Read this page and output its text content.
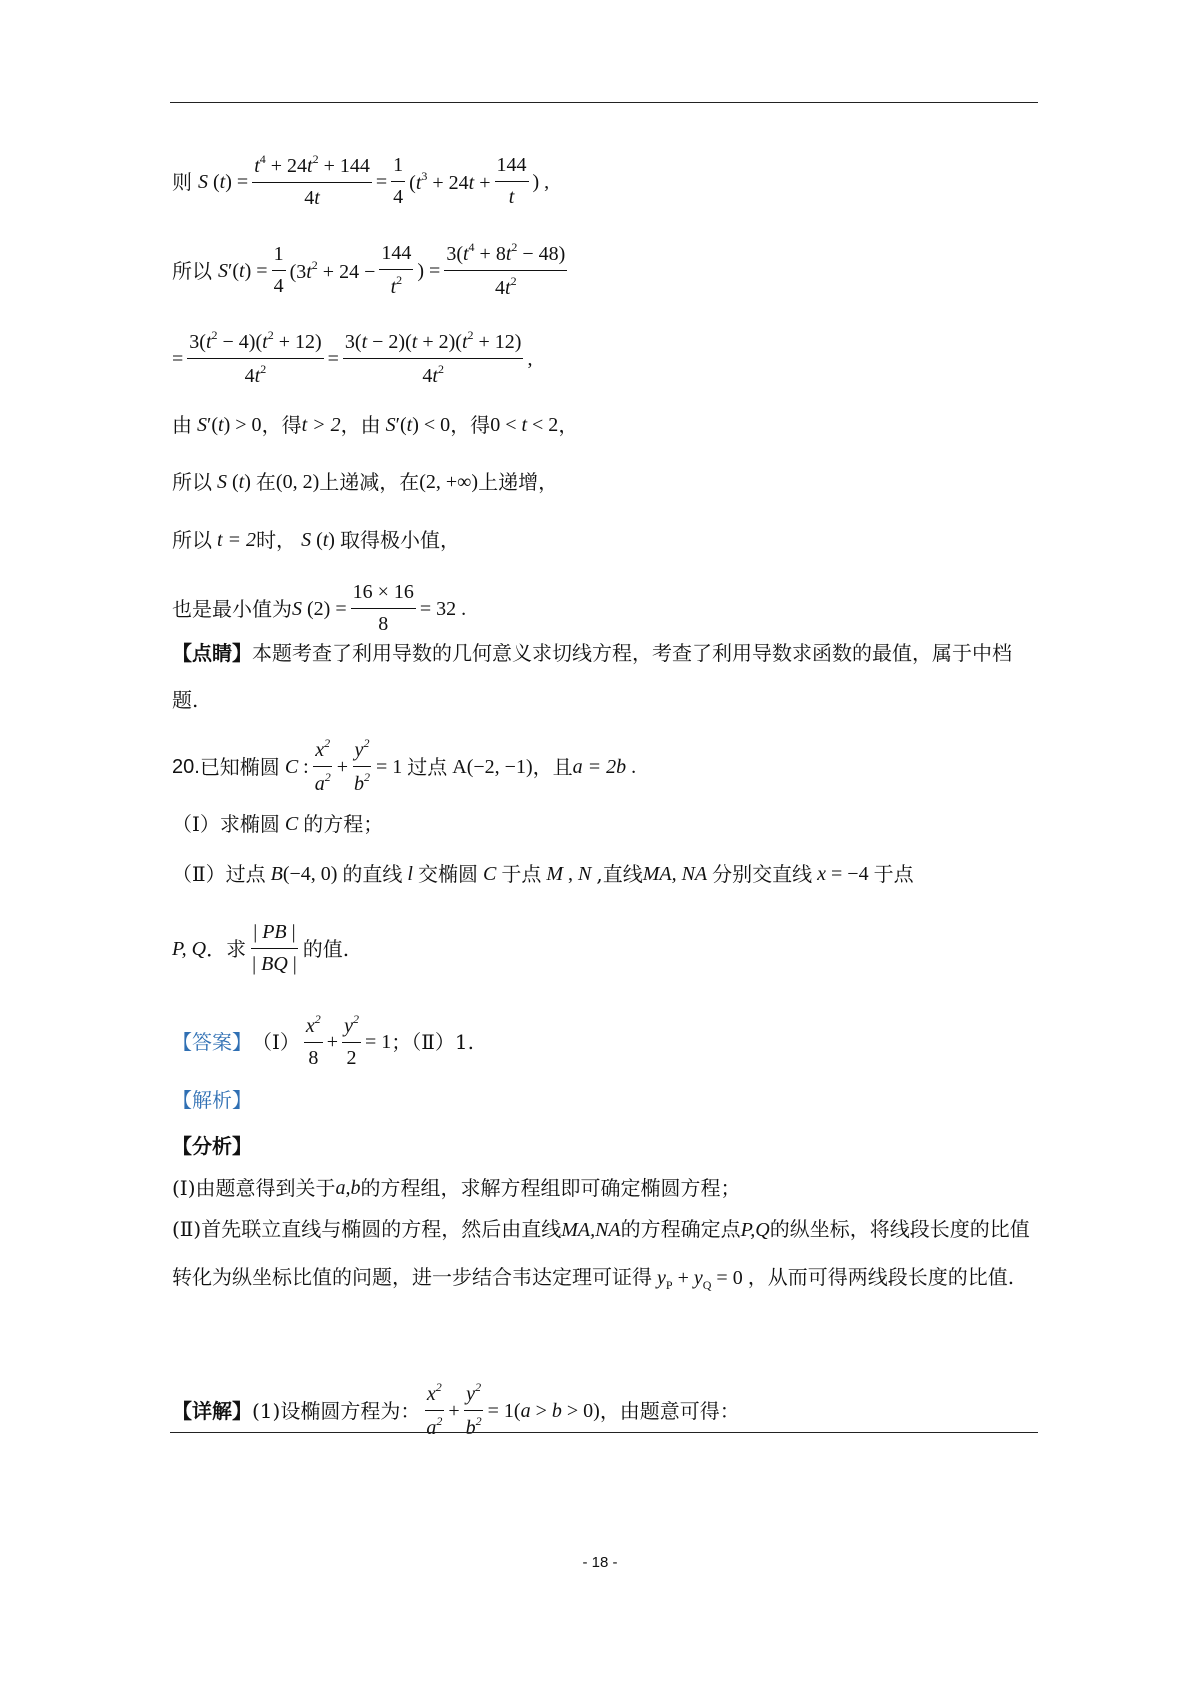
则 S $(t) = \frac{t^4 + 24t^2 + 144}{4t} = \frac{1}{4} (t^3 + 24t + \frac{144}{t}$ ) ,
所以 $S'(t) = \frac{1}{4} (3t^2 + 24 - \frac{144}{t^2}$ ) = $\frac{3(t^4 + 8t^2 - 48)}{4t^2}$
= $\frac{3(t^2 - 4)(t^2 + 12)}{4t^2} = \frac{3(t - 2)(t + 2)(t^2 + 12)}{4t^2}$ ,
由 S′(t) > 0 ， 得 t > 2 ，由 S′(t) < 0 ，得 0 < t < 2 ，
所以 S (t) 在 (0, 2) 上递减，在 (2, +∞) 上递增，
所以
t = 2 时， S (t) 取得极小值，
也是最小值为 S $(2) = \frac{16 \times 16}{8} = 32$ .
【点睛】本题考查了利用导数的几何意义求切线方程，考查了利用导数求函数的最值，属于中档题.
20. 已知椭圆 C : $\frac{x^2}{a^2} + \frac{y^2}{b^2} = 1$ 过点
A(−2, −1) ，且 a = 2b .
（Ⅰ）求椭圆 C 的方程；
（Ⅱ）过点 B(−4, 0) 的直线 l 交椭圆 C 于点 M , N ,直线 MA, NA 分别交直线 x = −4 于点
P, Q ．求 $\frac{| PB |}{| BQ |}$ 的值.
【答案】 （Ⅰ） $\frac{x^2}{8} + \frac{y^2}{2} = 1$ ；（Ⅱ）1.
【解析】
【分析】
(Ⅰ)由题意得到关于 a,b 的方程组，求解方程组即可确定椭圆方程；
(Ⅱ)首先联立直线与椭圆的方程，然后由直线MA,NA的方程确定点P,Q的纵坐标，将线段长度的比值转化为纵坐标比值的问题，进一步结合韦达定理可证得 $y_P + y_Q = 0$ ，从而可得两线段长度的比值.
【详解】 (1)设椭圆方程为： $\frac{x^2}{a^2} + \frac{y^2}{b^2} = 1(a > b > 0)$ ，由题意可得：
- 18 -
